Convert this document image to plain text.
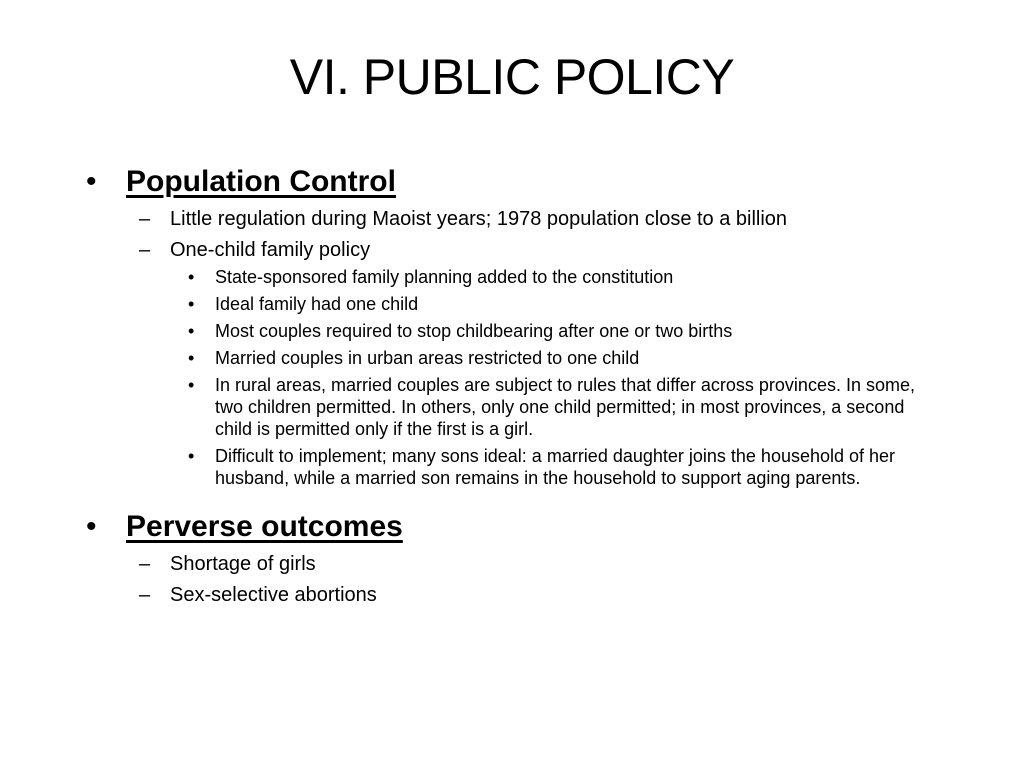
VI. PUBLIC POLICY
• Population Control
– Little regulation during Maoist years; 1978 population close to a billion
– One-child family policy
• State-sponsored family planning added to the constitution
• Ideal family had one child
• Most couples required to stop childbearing after one or two births
• Married couples in urban areas restricted to one child
• In rural areas, married couples are subject to rules that differ across provinces. In some, two children permitted. In others, only one child permitted; in most provinces, a second child is permitted only if the first is a girl.
• Difficult to implement; many sons ideal: a married daughter joins the household of her husband, while a married son remains in the household to support aging parents.
• Perverse outcomes
– Shortage of girls
– Sex-selective abortions
